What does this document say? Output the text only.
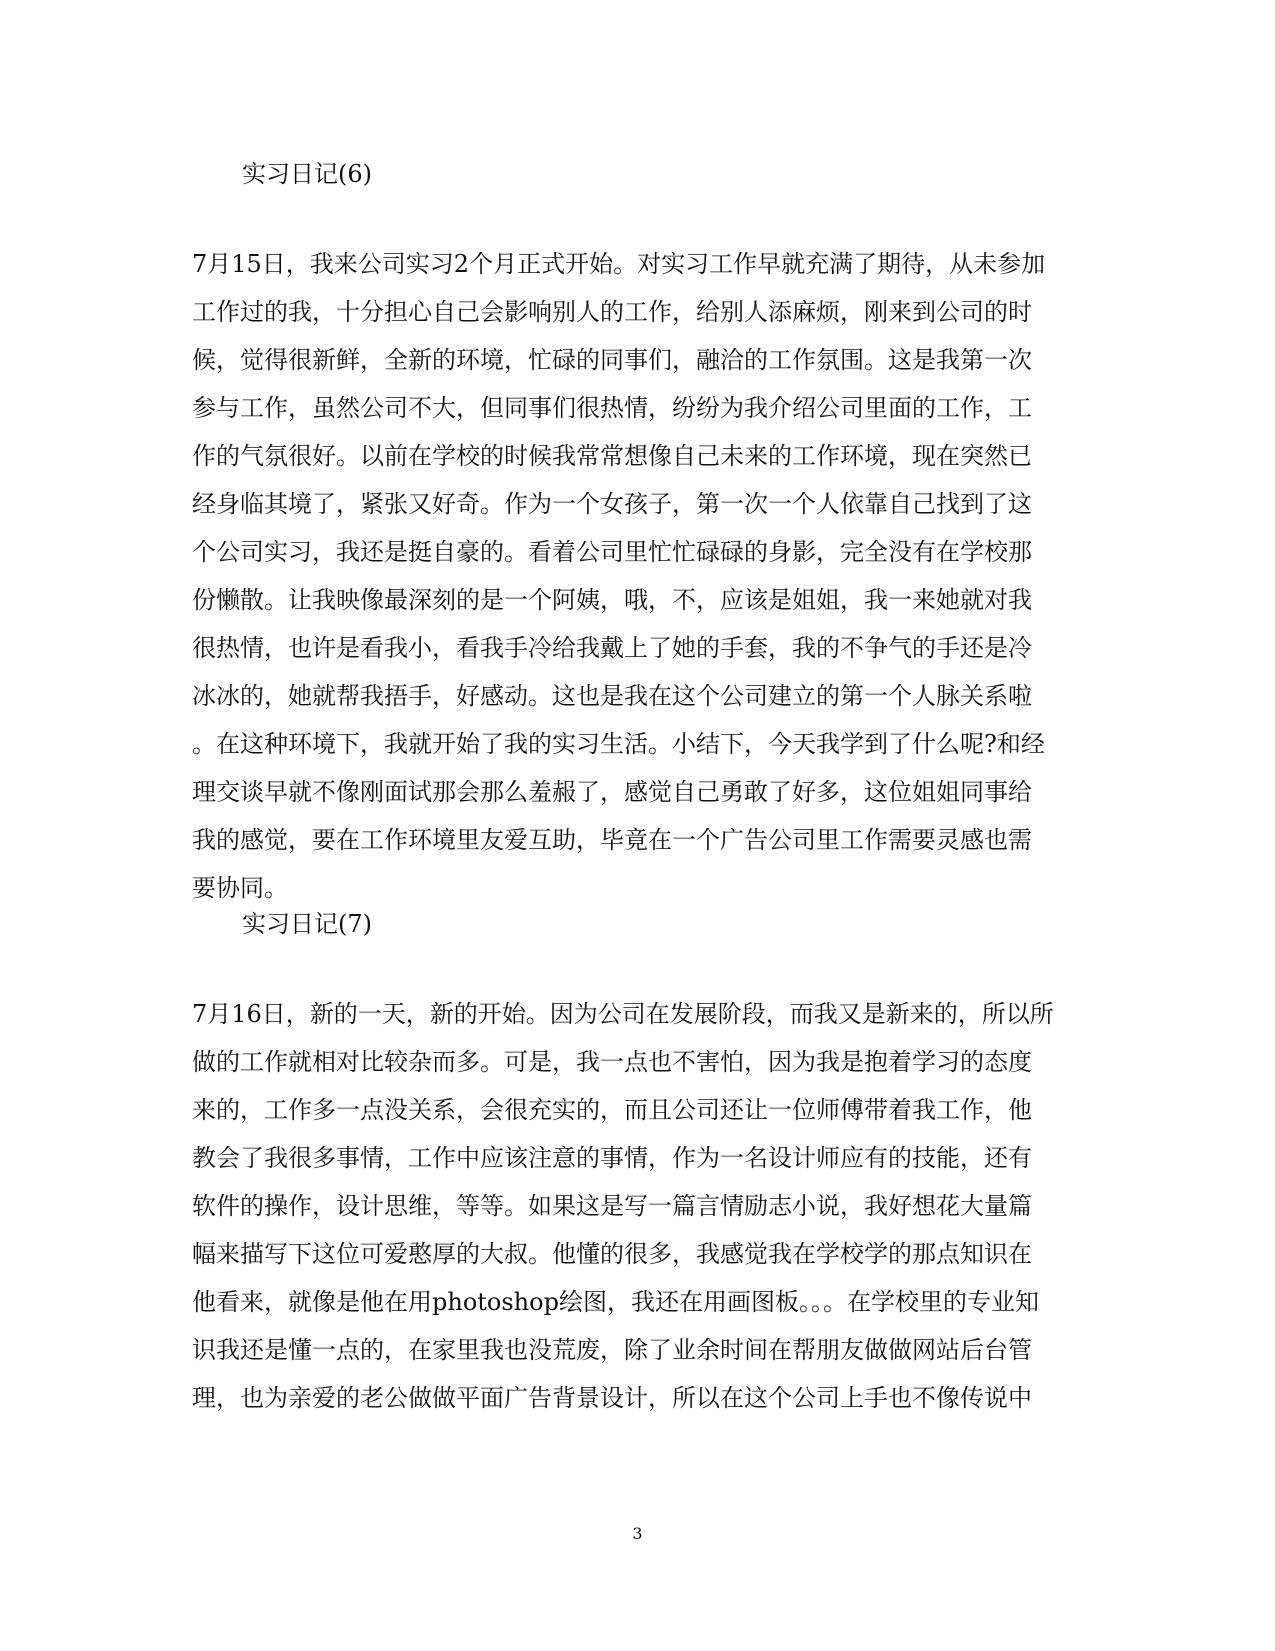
实习日记(6)
7月15日，我来公司实习2个月正式开始。对实习工作早就充满了期待，从未参加
工作过的我，十分担心自己会影响别人的工作，给别人添麻烦，刚来到公司的时
候，觉得很新鲜，全新的环境，忙碌的同事们，融洽的工作氛围。这是我第一次
参与工作，虽然公司不大，但同事们很热情，纷纷为我介绍公司里面的工作，工
作的气氛很好。以前在学校的时候我常常想像自己未来的工作环境，现在突然已
经身临其境了，紧张又好奇。作为一个女孩子，第一次一个人依靠自己找到了这
个公司实习，我还是挺自豪的。看着公司里忙忙碌碌的身影，完全没有在学校那
份懒散。让我映像最深刻的是一个阿姨，哦，不，应该是姐姐，我一来她就对我
很热情，也许是看我小，看我手冷给我戴上了她的手套，我的不争气的手还是冷
冰冰的，她就帮我捂手，好感动。这也是我在这个公司建立的第一个人脉关系啦
。在这种环境下，我就开始了我的实习生活。小结下，今天我学到了什么呢?和经
理交谈早就不像刚面试那会那么羞赧了，感觉自己勇敢了好多，这位姐姐同事给
我的感觉，要在工作环境里友爱互助，毕竟在一个广告公司里工作需要灵感也需
要协同。
实习日记(7)
7月16日，新的一天，新的开始。因为公司在发展阶段，而我又是新来的，所以所
做的工作就相对比较杂而多。可是，我一点也不害怕，因为我是抱着学习的态度
来的，工作多一点没关系，会很充实的，而且公司还让一位师傅带着我工作，他
教会了我很多事情，工作中应该注意的事情，作为一名设计师应有的技能，还有
软件的操作，设计思维，等等。如果这是写一篇言情励志小说，我好想花大量篇
幅来描写下这位可爱憨厚的大叔。他懂的很多，我感觉我在学校学的那点知识在
他看来，就像是他在用photoshop绘图，我还在用画图板。。。在学校里的专业知
识我还是懂一点的，在家里我也没荒废，除了业余时间在帮朋友做做网站后台管
理，也为亲爱的老公做做平面广告背景设计，所以在这个公司上手也不像传说中
3
